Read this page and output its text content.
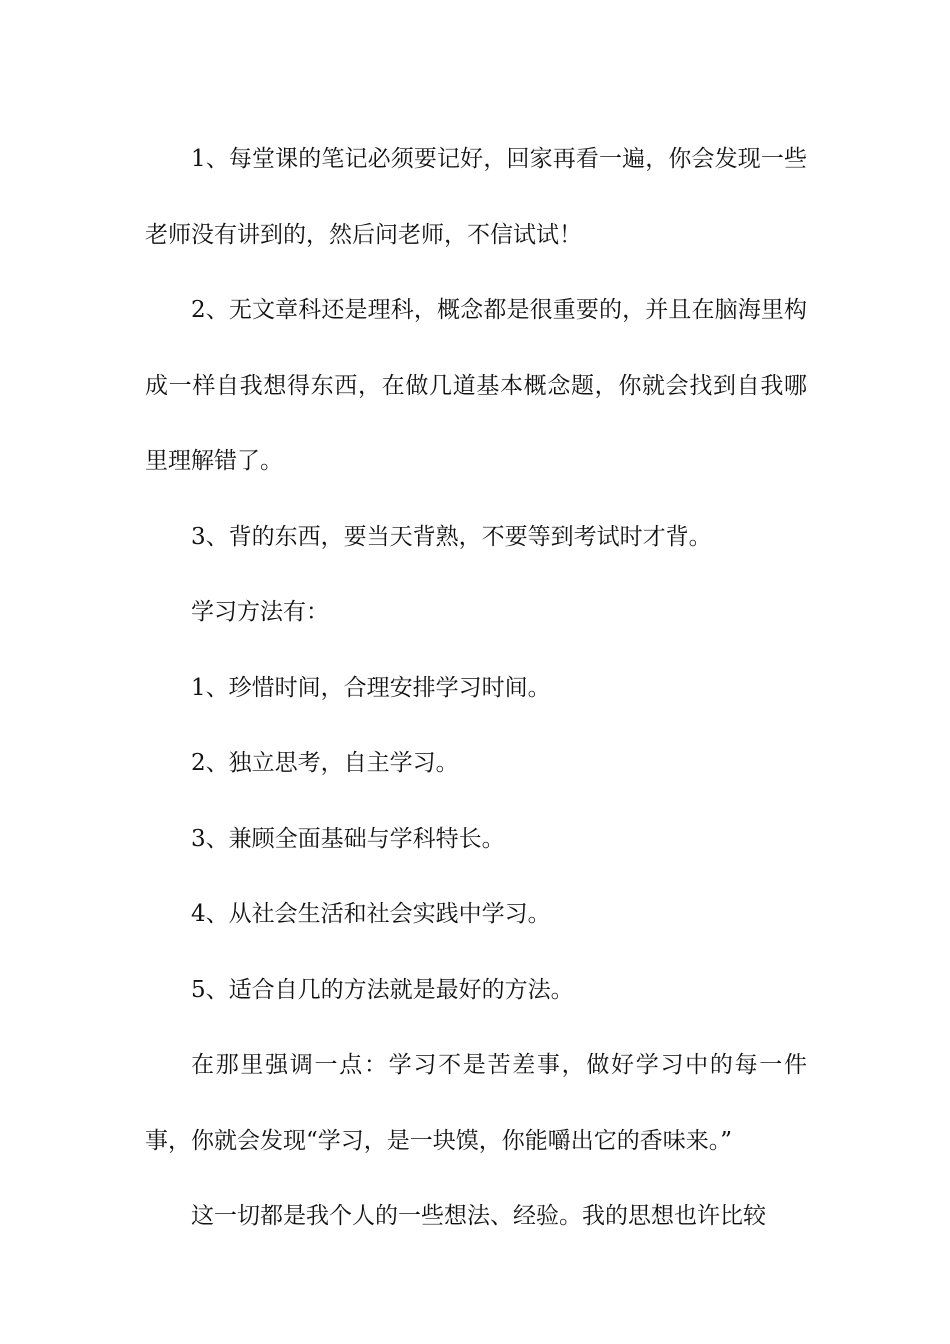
1、每堂课的笔记必须要记好，回家再看一遍，你会发现一些老师没有讲到的，然后问老师，不信试试！

2、无文章科还是理科，概念都是很重要的，并且在脑海里构成一样自我想得东西，在做几道基本概念题，你就会找到自我哪里理解错了。

3、背的东西，要当天背熟，不要等到考试时才背。

学习方法有：

1、珍惜时间，合理安排学习时间。

2、独立思考，自主学习。

3、兼顾全面基础与学科特长。

4、从社会生活和社会实践中学习。

5、适合自几的方法就是最好的方法。

在那里强调一点：学习不是苦差事，做好学习中的每一件事，你就会发现“学习，是一块馍，你能嚼出它的香味来。”

这一切都是我个人的一些想法、经验。我的思想也许比较
